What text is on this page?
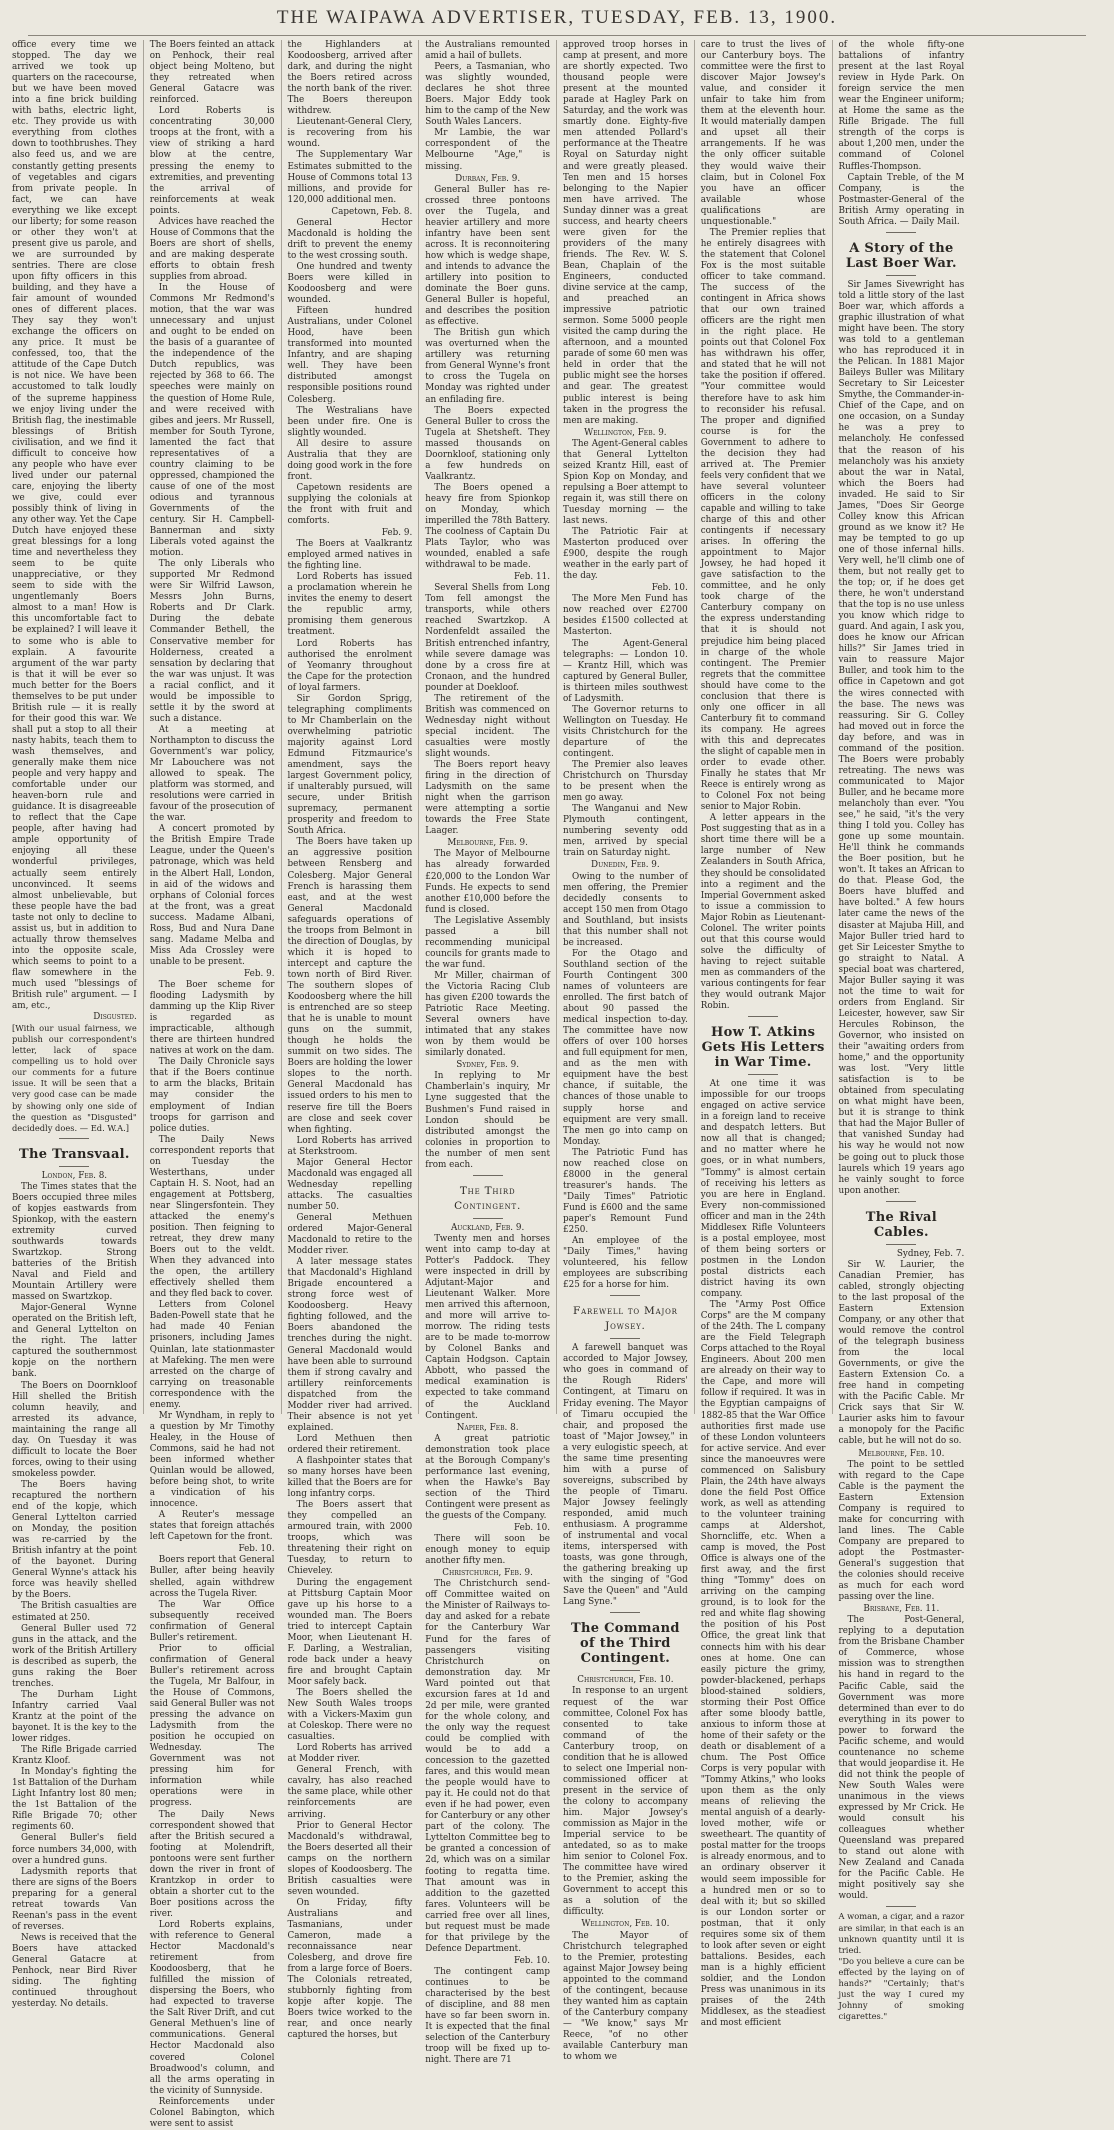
THE WAIPAWA ADVERTISER, TUESDAY, FEB. 13, 1900.

office every time we stopped. The day we arrived we took up quarters on the racecourse, but we have been moved into a fine brick building with baths, electric light, etc. They provide us with everything from clothes down to toothbrushes. They also feed us, and we are constantly getting presents of vegetables and cigars from private people. In fact, we can have everything we like except our liberty; for some reason or other they won't at present give us parole, and we are surrounded by sentries. There are close upon fifty officers in this building, and they have a fair amount of wounded ones of different places. They say they won't exchange the officers on any price. It must be confessed, too, that the attitude of the Cape Dutch is not nice. We have been accustomed to talk loudly of the supreme happiness we enjoy living under the British flag, the inestimable blessings of British civilisation, and we find it difficult to conceive how any people who have ever lived under our paternal care, enjoying the liberty we give, could ever possibly think of living in any other way. Yet the Cape Dutch have enjoyed these great blessings for a long time and nevertheless they seem to be quite unappreciative, or they seem to side with the ungentlemanly Boers almost to a man! How is this uncomfortable fact to be explained? I will leave it to some who is able to explain. A favourite argument of the war party is that it will be ever so much better for the Boers themselves to be put under British rule — it is really for their good this war. We shall put a stop to all their nasty habits, teach them to wash themselves, and generally make them nice people and very happy and comfortable under our heaven-born rule and guidance. It is disagreeable to reflect that the Cape people, after having had ample opportunity of enjoying all these wonderful privileges, actually seem entirely unconvinced. It seems almost unbelievable, but these people have the bad taste not only to decline to assist us, but in addition to actually throw themselves into the opposite scale, which seems to point to a flaw somewhere in the much used "blessings of British rule" argument. — I am, etc.,

Disgusted.

[With our usual fairness, we publish our correspondent's letter, lack of space compelling us to hold over our comments for a future issue. It will be seen that a very good case can be made by showing only one side of the question as "Disgusted" decidedly does. — Ed. W.A.]

The Transvaal.

London, Feb. 8.

The Times states that the Boers occupied three miles of kopjes eastwards from Spionkop, with the eastern extremity curved southwards towards Swartzkop. Strong batteries of the British Naval and Field and Mountain Artillery were massed on Swartzkop.

Major-General Wynne operated on the British left, and General Lyttelton on the right. The latter captured the southernmost kopje on the northern bank.

The Boers on Doornkloof Hill shelled the British column heavily, and arrested its advance, maintaining the range all day. On Tuesday it was difficult to locate the Boer forces, owing to their using smokeless powder.

The Boers having recaptured the northern end of the kopje, which General Lyttelton carried on Monday, the position was re-carried by the British infantry at the point of the bayonet. During General Wynne's attack his force was heavily shelled by the Boers.

The British casualties are estimated at 250.

General Buller used 72 guns in the attack, and the work of the British Artillery is described as superb, the guns raking the Boer trenches.

The Durham Light Infantry carried Vaal Krantz at the point of the bayonet. It is the key to the lower ridges.

The Rifle Brigade carried Krantz Kloof.

In Monday's fighting the 1st Battalion of the Durham Light Infantry lost 80 men; the 1st Battalion of the Rifle Brigade 70; other regiments 60.

General Buller's field force numbers 34,000, with over a hundred guns.

Ladysmith reports that there are signs of the Boers preparing for a general retreat towards Van Reenan's pass in the event of reverses.

News is received that the Boers have attacked General Gatacre at Penhock, near Bird River siding. The fighting continued throughout yesterday. No details.

The Boers feinted an attack on Penhock, their real object being Molteno, but they retreated when General Gatacre was reinforced.

Lord Roberts is concentrating 30,000 troops at the front, with a view of striking a hard blow at the centre, pressing the enemy to extremities, and preventing the arrival of reinforcements at weak points.

Advices have reached the House of Commons that the Boers are short of shells, and are making desperate efforts to obtain fresh supplies from abroad.

In the House of Commons Mr Redmond's motion, that the war was unnecessary and unjust and ought to be ended on the basis of a guarantee of the independence of the Dutch republics, was rejected by 368 to 66. The speeches were mainly on the question of Home Rule, and were received with gibes and jeers. Mr Russell, member for South Tyrone, lamented the fact that representatives of a country claiming to be oppressed, championed the cause of one of the most odious and tyrannous Governments of the century. Sir H. Campbell-Bannerman and sixty Liberals voted against the motion.

The only Liberals who supported Mr Redmond were Sir Wilfrid Lawson, Messrs John Burns, Roberts and Dr Clark. During the debate Commander Bethell, the Conservative member for Holderness, created a sensation by declaring that the war was unjust. It was a racial conflict, and it would be impossible to settle it by the sword at such a distance.

At a meeting at Northampton to discuss the Government's war policy, Mr Labouchere was not allowed to speak. The platform was stormed, and resolutions were carried in favour of the prosecution of the war.

A concert promoted by the British Empire Trade League, under the Queen's patronage, which was held in the Albert Hall, London, in aid of the widows and orphans of Colonial forces at the front, was a great success. Madame Albani, Ross, Bud and Nura Dane sang. Madame Melba and Miss Ada Crossley were unable to be present.

Feb. 9.

The Boer scheme for flooding Ladysmith by damming up the Klip River is regarded as impracticable, although there are thirteen hundred natives at work on the dam.

The Daily Chronicle says that if the Boers continue to arm the blacks, Britain may consider the employment of Indian troops for garrison and police duties.

The Daily News correspondent reports that on Tuesday the Westerthans, under Captain H. S. Noot, had an engagement at Pottsberg, near Slingersfontein. They attacked the enemy's position. Then feigning to retreat, they drew many Boers out to the veldt. When they advanced into the open, the artillery effectively shelled them and they fled back to cover.

Letters from Colonel Baden-Powell state that he had made 40 Fenian prisoners, including James Quinlan, late stationmaster at Mafeking. The men were arrested on the charge of carrying on treasonable correspondence with the enemy.

Mr Wyndham, in reply to a question by Mr Timothy Healey, in the House of Commons, said he had not been informed whether Quinlan would be allowed, before being shot, to write a vindication of his innocence.

A Reuter's message states that foreign attachés left Capetown for the front.

Feb. 10.

Boers report that General Buller, after being heavily shelled, again withdrew across the Tugela River.

The War Office subsequently received confirmation of General Buller's retirement.

Prior to official confirmation of General Buller's retirement across the Tugela, Mr Balfour, in the House of Commons, said General Buller was not pressing the advance on Ladysmith from the position he occupied on Wednesday. The Government was not pressing him for information while operations were in progress.

The Daily News correspondent showed that after the British secured a footing at Molendrift, pontoons were sent further down the river in front of Krantzkop in order to obtain a shorter cut to the Boer positions across the river.

Lord Roberts explains, with reference to General Hector Macdonald's retirement from Koodoosberg, that he fulfilled the mission of dispersing the Boers, who had expected to traverse the Salt River Drift, and cut General Methuen's line of communications. General Hector Macdonald also covered Colonel Broadwood's column, and all the arms operating in the vicinity of Sunnyside.

Reinforcements under Colonel Babington, which were sent to assist

the Highlanders at Koodoosberg, arrived after dark, and during the night the Boers retired across the north bank of the river. The Boers thereupon withdrew.

Lieutenant-General Clery, is recovering from his wound.

The Supplementary War Estimates submitted to the House of Commons total 13 millions, and provide for 120,000 additional men.

Capetown, Feb. 8.

General Hector Macdonald is holding the drift to prevent the enemy to the west crossing south.

One hundred and twenty Boers were killed in Koodoosberg and were wounded.

Fifteen hundred Australians, under Colonel Hood, have been transformed into mounted Infantry, and are shaping well. They have been distributed amongst responsible positions round Colesberg.

The Westralians have been under fire. One is slightly wounded.

All desire to assure Australia that they are doing good work in the fore front.

Capetown residents are supplying the colonials at the front with fruit and comforts.

Feb. 9.

The Boers at Vaalkrantz employed armed natives in the fighting line.

Lord Roberts has issued a proclamation wherein he invites the enemy to desert the republic army, promising them generous treatment.

Lord Roberts has authorised the enrolment of Yeomanry throughout the Cape for the protection of loyal farmers.

Sir Gordon Sprigg, telegraphing compliments to Mr Chamberlain on the overwhelming patriotic majority against Lord Edmund Fitzmaurice's amendment, says the largest Government policy, if unalterably pursued, will secure, under British supremacy, permanent prosperity and freedom to South Africa.

The Boers have taken up an aggressive position between Rensberg and Colesberg. Major General French is harassing them east, and at the west General Macdonald safeguards operations of the troops from Belmont in the direction of Douglas, by which it is hoped to intercept and capture the town north of Bird River. The southern slopes of Koodoosberg where the hill is entrenched are so steep that he is unable to mount guns on the summit, though he holds the summit on two sides. The Boers are holding the lower slopes to the north. General Macdonald has issued orders to his men to reserve fire till the Boers are close and seek cover when fighting.

Lord Roberts has arrived at Sterkstroom.

Major General Hector Macdonald was engaged all Wednesday repelling attacks. The casualties number 50.

General Methuen ordered Major-General Macdonald to retire to the Modder river.

A later message states that Macdonald's Highland Brigade encountered a strong force west of Koodoosberg. Heavy fighting followed, and the Boers abandoned the trenches during the night. General Macdonald would have been able to surround them if strong cavalry and artillery reinforcements dispatched from the Modder river had arrived. Their absence is not yet explained.

Lord Methuen then ordered their retirement.

A flashpointer states that so many horses have been killed that the Boers are for long infantry corps.

The Boers assert that they compelled an armoured train, with 2000 troops, which was threatening their right on Tuesday, to return to Chieveley.

During the engagement at Pittsburg Captain Moor gave up his horse to a wounded man. The Boers tried to intercept Captain Moor, when Lieutenant H. F. Darling, a Westralian, rode back under a heavy fire and brought Captain Moor safely back.

The Boers shelled the New South Wales troops with a Vickers-Maxim gun at Coleskop. There were no casualties.

Lord Roberts has arrived at Modder river.

General French, with cavalry, has also reached the same place, while other reinforcements are arriving.

Prior to General Hector Macdonald's withdrawal, the Boers deserted all their camps on the northern slopes of Koodoosberg. The British casualties were seven wounded.

On Friday, fifty Australians and Tasmanians, under Cameron, made a reconnaissance near Colesberg, and drove fire from a large force of Boers. The Colonials retreated, stubbornly fighting from kopje after kopje. The Boers twice worked to the rear, and once nearly captured the horses, but

the Australians remounted amid a hail of bullets.

Peers, a Tasmanian, who was slightly wounded, declares he shot three Boers. Major Eddy took him to the camp of the New South Wales Lancers.

Mr Lambie, the war correspondent of the Melbourne "Age," is missing.

Durban, Feb. 9.

General Buller has re-crossed three pontoons over the Tugela, and heavier artillery and more infantry have been sent across. It is reconnoitering how which is wedge shape, and intends to advance the artillery into position to dominate the Boer guns. General Buller is hopeful, and describes the position as effective.

The British gun which was overturned when the artillery was returning from General Wynne's front to cross the Tugela on Monday was righted under an enfilading fire.

The Boers expected General Buller to cross the Tugela at Shetsheft. They massed thousands on Doornkloof, stationing only a few hundreds on Vaalkrantz.

The Boers opened a heavy fire from Spionkop on Monday, which imperilled the 78th Battery. The coolness of Captain Du Plats Taylor, who was wounded, enabled a safe withdrawal to be made.

Feb. 11.

Several Shells from Long Tom fell amongst the transports, while others reached Swartzkop. A Nordenfeldt assailed the British entrenched infantry, while severe damage was done by a cross fire at Cronaon, and the hundred pounder at Doekloof.

The retirement of the British was commenced on Wednesday night without special incident. The casualties were mostly slight wounds.

The Boers report heavy firing in the direction of Ladysmith on the same night when the garrison were attempting a sortie towards the Free State Laager.

Melbourne, Feb. 9.

The Mayor of Melbourne has already forwarded £20,000 to the London War Funds. He expects to send another £10,000 before the fund is closed.

The Legislative Assembly passed a bill recommending municipal councils for grants made to the war fund.

Mr Miller, chairman of the Victoria Racing Club has given £200 towards the Patriotic Race Meeting. Several owners have intimated that any stakes won by them would be similarly donated.

Sydney, Feb. 9.

In replying to Mr Chamberlain's inquiry, Mr Lyne suggested that the Bushmen's Fund raised in London should be distributed amongst the colonies in proportion to the number of men sent from each.

The Third Contingent.

Auckland, Feb. 9.

Twenty men and horses went into camp to-day at Potter's Paddock. They were inspected in drill by Adjutant-Major and Lieutenant Walker. More men arrived this afternoon, and more will arrive to-morrow. The riding tests are to be made to-morrow by Colonel Banks and Captain Hodgson. Captain Abbott, who passed the medical examination is expected to take command of the Auckland Contingent.

Napier, Feb. 8.

A great patriotic demonstration took place at the Borough Company's performance last evening, when the Hawke's Bay section of the Third Contingent were present as the guests of the Company.

Feb. 10.

There will soon be enough money to equip another fifty men.

Christchurch, Feb. 9.

The Christchurch send-off Committee waited on the Minister of Railways to-day and asked for a rebate for the Canterbury War Fund for the fares of passengers visiting Christchurch on demonstration day. Mr Ward pointed out that excursion fares at 1d and 2d per mile, were granted for the whole colony, and the only way the request could be complied with would be to add a concession to the gazetted fares, and this would mean the people would have to pay it. He could not do that even if he had power, even for Canterbury or any other part of the colony. The Lyttelton Committee beg to be granted a concession of 2d, which was on a similar footing to regatta time. That amount was in addition to the gazetted fares. Volunteers will be carried free over all lines, but request must be made for that privilege by the Defence Department.

Feb. 10.

The contingent camp continues to be characterised by the best of discipline, and 88 men have so far been sworn in. It is expected that the final selection of the Canterbury troop will be fixed up to-night. There are 71

approved troop horses in camp at present, and more are shortly expected. Two thousand people were present at the mounted parade at Hagley Park on Saturday, and the work was smartly done. Eighty-five men attended Pollard's performance at the Theatre Royal on Saturday night and were greatly pleased. Ten men and 15 horses belonging to the Napier men have arrived. The Sunday dinner was a great success, and hearty cheers were given for the providers of the many friends. The Rev. W. S. Bean, Chaplain of the Engineers, conducted divine service at the camp, and preached an impressive patriotic sermon. Some 5000 people visited the camp during the afternoon, and a mounted parade of some 60 men was held in order that the public might see the horses and gear. The greatest public interest is being taken in the progress the men are making.

Wellington, Feb. 9.

The Agent-General cables that General Lyttelton seized Krantz Hill, east of Spion Kop on Monday, and repulsing a Boer attempt to regain it, was still there on Tuesday morning — the last news.

The Patriotic Fair at Masterton produced over £900, despite the rough weather in the early part of the day.

Feb. 10.

The More Men Fund has now reached over £2700 besides £1500 collected at Masterton.

The Agent-General telegraphs: — London 10. — Krantz Hill, which was captured by General Buller, is thirteen miles southwest of Ladysmith.

The Governor returns to Wellington on Tuesday. He visits Christchurch for the departure of the contingent.

The Premier also leaves Christchurch on Thursday to be present when the men go away.

The Wanganui and New Plymouth contingent, numbering seventy odd men, arrived by special train on Saturday night.

Dunedin, Feb. 9.

Owing to the number of men offering, the Premier decidedly consents to accept 150 men from Otago and Southland, but insists that this number shall not be increased.

For the Otago and Southland section of the Fourth Contingent 300 names of volunteers are enrolled. The first batch of about 90 passed the medical inspection to-day. The committee have now offers of over 100 horses and full equipment for men, and as the men with equipment have the best chance, if suitable, the chances of those unable to supply horse and equipment are very small. The men go into camp on Monday.

The Patriotic Fund has now reached close on £8000 in the general treasurer's hands. The "Daily Times" Patriotic Fund is £600 and the same paper's Remount Fund £250.

An employee of the "Daily Times," having volunteered, his fellow employees are subscribing £25 for a horse for him.

Farewell to Major Jowsey.

A farewell banquet was accorded to Major Jowsey, who goes in command of the Rough Riders' Contingent, at Timaru on Friday evening. The Mayor of Timaru occupied the chair, and proposed the toast of "Major Jowsey," in a very eulogistic speech, at the same time presenting him with a purse of sovereigns, subscribed by the people of Timaru. Major Jowsey feelingly responded, amid much enthusiasm. A programme of instrumental and vocal items, interspersed with toasts, was gone through, the gathering breaking up with the singing of "God Save the Queen" and "Auld Lang Syne."

The Command of the Third Contingent.

Christchurch, Feb. 10.

In response to an urgent request of the war committee, Colonel Fox has consented to take command of the Canterbury troop, on condition that he is allowed to select one Imperial non-commissioned officer at present in the service of the colony to accompany him. Major Jowsey's commission as Major in the Imperial service to be antedated, so as to make him senior to Colonel Fox. The committee have wired to the Premier, asking the Government to accept this as a solution of the difficulty.

Wellington, Feb. 10.

The Mayor of Christchurch telegraphed to the Premier, protesting against Major Jowsey being appointed to the command of the contingent, because they wanted him as captain of the Canterbury company — "We know," says Mr Reece, "of no other available Canterbury man to whom we

care to trust the lives of our Canterbury boys. The committee were the first to discover Major Jowsey's value, and consider it unfair to take him from them at the eleventh hour. It would materially dampen and upset all their arrangements. If he was the only officer suitable they would waive their claim, but in Colonel Fox you have an officer available whose qualifications are unquestionable."

The Premier replies that he entirely disagrees with the statement that Colonel Fox is the most suitable officer to take command. The success of the contingent in Africa shows that our own trained officers are the right men in the right place. He points out that Colonel Fox has withdrawn his offer, and stated that he will not take the position if offered. "Your committee would therefore have to ask him to reconsider his refusal. The proper and dignified course is for the Government to adhere to the decision they had arrived at. The Premier feels very confident that we have several volunteer officers in the colony capable and willing to take charge of this and other contingents if necessary arises. In offering the appointment to Major Jowsey, he had hoped it gave satisfaction to the committee, and he only took charge of the Canterbury company on the express understanding that it is should not prejudice him being placed in charge of the whole contingent. The Premier regrets that the committee should have come to the conclusion that there is only one officer in all Canterbury fit to command its company. He agrees with this and deprecates the slight of capable men in order to evade other. Finally he states that Mr Reece is entirely wrong as to Colonel Fox not being senior to Major Robin.

A letter appears in the Post suggesting that as in a short time there will be a large number of New Zealanders in South Africa, they should be consolidated into a regiment and the Imperial Government asked to issue a commission to Major Robin as Lieutenant-Colonel. The writer points out that this course would solve the difficulty of having to reject suitable men as commanders of the various contingents for fear they would outrank Major Robin.

How T. Atkins Gets His Letters in War Time.

At one time it was impossible for our troops engaged on active service in a foreign land to receive and despatch letters. But now all that is changed; and no matter where he goes, or in what numbers, "Tommy" is almost certain of receiving his letters as you are here in England. Every non-commissioned officer and man in the 24th Middlesex Rifle Volunteers is a postal employee, most of them being sorters or postmen in the London postal districts each district having its own company.

The "Army Post Office Corps" are the M company of the 24th. The L company are the Field Telegraph Corps attached to the Royal Engineers. About 200 men are already on their way to the Cape, and more will follow if required. It was in the Egyptian campaigns of 1882-85 that the War Office authorities first made use of these London volunteers for active service. And ever since the manoeuvres were commenced on Salisbury Plain, the 24th have always done the field Post Office work, as well as attending to the volunteer training camps at Aldershot, Shorncliffe, etc. When a camp is moved, the Post Office is always one of the first away, and the first thing "Tommy" does on arriving on the camping ground, is to look for the red and white flag showing the position of his Post Office, the great link that connects him with his dear ones at home. One can easily picture the grimy, powder-blackened, perhaps blood-stained soldiers, storming their Post Office after some bloody battle, anxious to inform those at home of their safety or the death or disablement of a chum. The Post Office Corps is very popular with "Tommy Atkins," who looks upon them as the only means of relieving the mental anguish of a dearly-loved mother, wife or sweetheart. The quantity of postal matter for the troops is already enormous, and to an ordinary observer it would seem impossible for a hundred men or so to deal with it; but so skilled is our London sorter or postman, that it only requires some six of them to look after seven or eight battalions. Besides, each man is a highly efficient soldier, and the London Press was unanimous in its praises of the 24th Middlesex, as the steadiest and most efficient

of the whole fifty-one battalions of infantry present at the last Royal review in Hyde Park. On foreign service the men wear the Engineer uniform; at Home the same as the Rifle Brigade. The full strength of the corps is about 1,200 men, under the command of Colonel Ruffles-Thompson.

Captain Treble, of the M Company, is the Postmaster-General of the British Army operating in South Africa. — Daily Mail.

A Story of the Last Boer War.

Sir James Sivewright has told a little story of the last Boer war, which affords a graphic illustration of what might have been. The story was told to a gentleman who has reproduced it in the Pelican. In 1881 Major Baileys Buller was Military Secretary to Sir Leicester Smythe, the Commander-in-Chief of the Cape, and on one occasion, on a Sunday he was a prey to melancholy. He confessed that the reason of his melancholy was his anxiety about the war in Natal, which the Boers had invaded. He said to Sir James, "Does Sir George Colley know this African ground as we know it? He may be tempted to go up one of those infernal hills. Very well, he'll climb one of them, but not really get to the top; or, if he does get there, he won't understand that the top is no use unless you know which ridge to guard. And again, I ask you, does he know our African hills?" Sir James tried in vain to reassure Major Buller, and took him to the office in Capetown and got the wires connected with the base. The news was reassuring. Sir G. Colley had moved out in force the day before, and was in command of the position. The Boers were probably retreating. The news was communicated to Major Buller, and he became more melancholy than ever. "You see," he said, "it's the very thing I told you. Colley has gone up some mountain. He'll think he commands the Boer position, but he won't. It takes an African to do that. Please God, the Boers have bluffed and have bolted." A few hours later came the news of the disaster at Majuba Hill, and Major Buller tried hard to get Sir Leicester Smythe to go straight to Natal. A special boat was chartered, Major Buller saying it was not the time to wait for orders from England. Sir Leicester, however, saw Sir Hercules Robinson, the Governor, who insisted on their "awaiting orders from home," and the opportunity was lost. "Very little satisfaction is to be obtained from speculating on what might have been, but it is strange to think that had the Major Buller of that vanished Sunday had his way he would not now be going out to pluck those laurels which 19 years ago he vainly sought to force upon another.

The Rival Cables.

Sydney, Feb. 7.

Sir W. Laurier, the Canadian Premier, has cabled, strongly objecting to the last proposal of the Eastern Extension Company, or any other that would remove the control of the telegraph business from the local Governments, or give the Eastern Extension Co. a free hand in competing with the Pacific Cable. Mr Crick says that Sir W. Laurier asks him to favour a monopoly for the Pacific cable, but he will not do so.

Melbourne, Feb. 10.

The point to be settled with regard to the Cape Cable is the payment the Eastern Extension Company is required to make for concurring with land lines. The Cable Company are prepared to adopt the Postmaster-General's suggestion that the colonies should receive as much for each word passing over the line.

Brisbane, Feb. 11.

The Post-General, replying to a deputation from the Brisbane Chamber of Commerce, whose mission was to strengthen his hand in regard to the Pacific Cable, said the Government was more determined than ever to do everything in its power to power to forward the Pacific scheme, and would countenance no scheme that would jeopardise it. He did not think the people of New South Wales were unanimous in the views expressed by Mr Crick. He would consult his colleagues whether Queensland was prepared to stand out alone with New Zealand and Canada for the Pacific Cable. He might positively say she would.

A woman, a cigar, and a razor are similar, in that each is an unknown quantity until it is tried.

"Do you believe a cure can be effected by the laying on of hands?" "Certainly; that's just the way I cured my Johnny of smoking cigarettes."
